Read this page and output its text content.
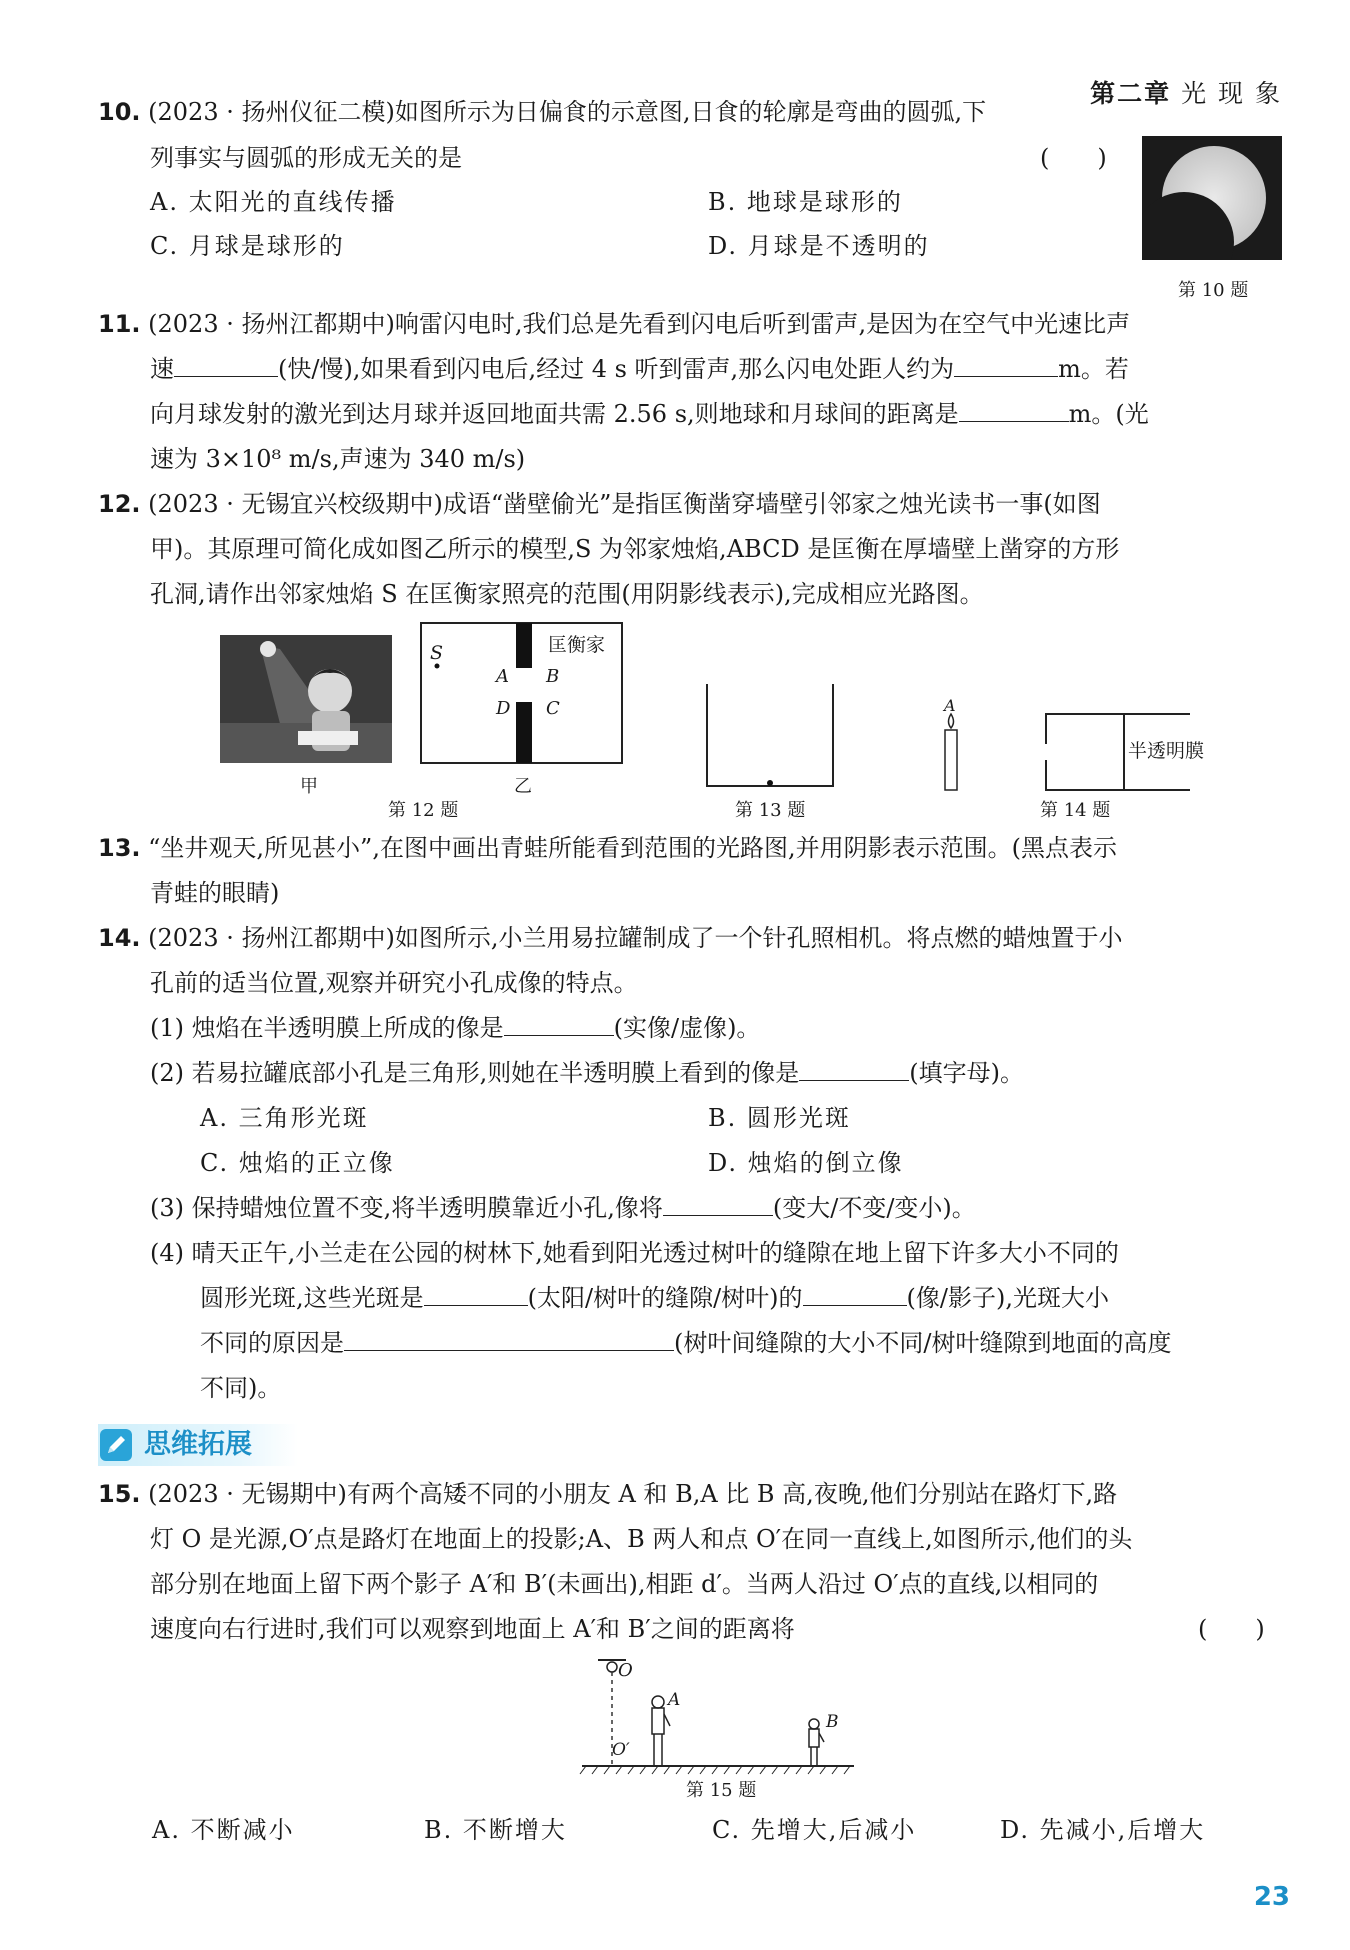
第二章 光 现 象
10. (2023 · 扬州仪征二模)如图所示为日偏食的示意图,日食的轮廓是弯曲的圆弧,下
列事实与圆弧的形成无关的是	(　　)
A. 太阳光的直线传播	B. 地球是球形的
C. 月球是球形的	D. 月球是不透明的
第 10 题
11. (2023 · 扬州江都期中)响雷闪电时,我们总是先看到闪电后听到雷声,是因为在空气中光速比声
速	(快/慢),如果看到闪电后,经过 4 s 听到雷声,那么闪电处距人约为	m。若
向月球发射的激光到达月球并返回地面共需 2.56 s,则地球和月球间的距离是	m。(光
速为 3×10⁸ m/s,声速为 340 m/s)
12. (2023 · 无锡宜兴校级期中)成语“凿壁偷光”是指匡衡凿穿墙壁引邻家之烛光读书一事(如图
甲)。其原理可简化成如图乙所示的模型,S 为邻家烛焰,ABCD 是匡衡在厚墙壁上凿穿的方形
孔洞,请作出邻家烛焰 S 在匡衡家照亮的范围(用阴影线表示),完成相应光路图。
甲
S	匡衡家
A B
D C
乙
第 12 题	第 13 题
A
半透明膜
第 14 题
13. “坐井观天,所见甚小”,在图中画出青蛙所能看到范围的光路图,并用阴影表示范围。(黑点表示
青蛙的眼睛)
14. (2023 · 扬州江都期中)如图所示,小兰用易拉罐制成了一个针孔照相机。将点燃的蜡烛置于小
孔前的适当位置,观察并研究小孔成像的特点。
(1) 烛焰在半透明膜上所成的像是	(实像/虚像)。
(2) 若易拉罐底部小孔是三角形,则她在半透明膜上看到的像是	(填字母)。
A. 三角形光斑	B. 圆形光斑
C. 烛焰的正立像	D. 烛焰的倒立像
(3) 保持蜡烛位置不变,将半透明膜靠近小孔,像将	(变大/不变/变小)。
(4) 晴天正午,小兰走在公园的树林下,她看到阳光透过树叶的缝隙在地上留下许多大小不同的
圆形光斑,这些光斑是	(太阳/树叶的缝隙/树叶)的	(像/影子),光斑大小
不同的原因是	(树叶间缝隙的大小不同/树叶缝隙到地面的高度
不同)。
思维拓展
15. (2023 · 无锡期中)有两个高矮不同的小朋友 A 和 B,A 比 B 高,夜晚,他们分别站在路灯下,路
灯 O 是光源,O′点是路灯在地面上的投影;A、B 两人和点 O′在同一直线上,如图所示,他们的头
部分别在地面上留下两个影子 A′和 B′(未画出),相距 d′。当两人沿过 O′点的直线,以相同的
速度向右行进时,我们可以观察到地面上 A′和 B′之间的距离将	(　　)
O
A
B
O′
第 15 题
A. 不断减小	B. 不断增大	C. 先增大,后减小	D. 先减小,后增大
23
